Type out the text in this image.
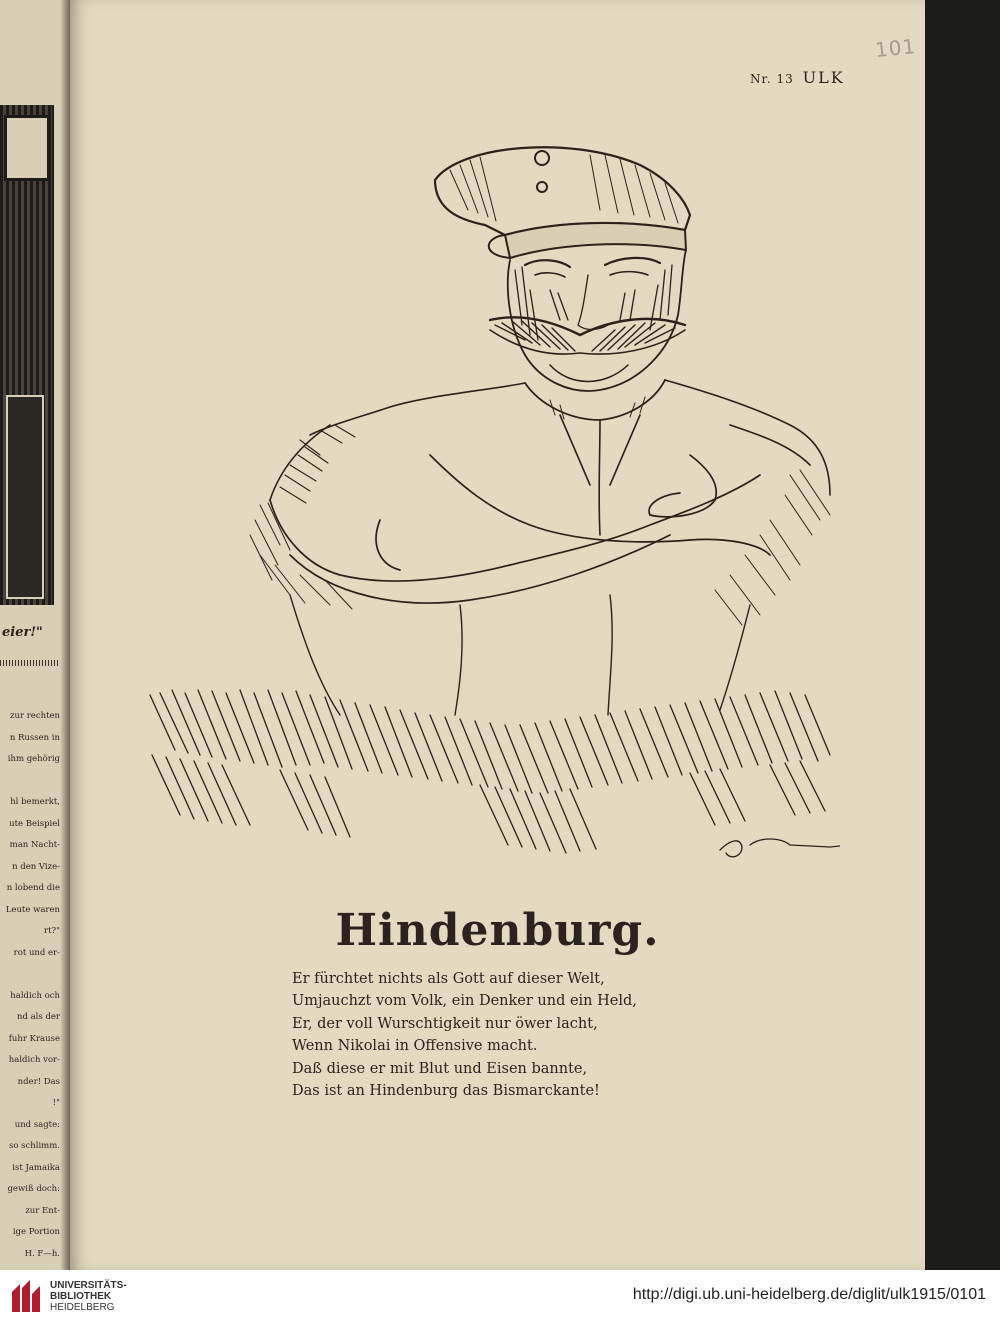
eier!"
zur rechten
n Russen in
ihm gehörig

hl bemerkt,
ute Beispiel
man Nacht-
n den Vize-
n lobend die
Leute waren
rt?"
rot und er-

haldich och
nd als der
fuhr Krause
haldich vor-
nder! Das
!"
und sagte:
so schlimm.
ist Jamaika
gewiß doch:
zur Ent-
ige Portion
H. F—h.
101
Nr. 13 ULK
Hindenburg.
Er fürchtet nichts als Gott auf dieser Welt,
Umjauchzt vom Volk, ein Denker und ein Held,
Er, der voll Wurschtigkeit nur öwer lacht,
Wenn Nikolai in Offensive macht.
Daß diese er mit Blut und Eisen bannte,
Das ist an Hindenburg das Bismarckante!
UNIVERSITÄTS-
BIBLIOTHEK
HEIDELBERG
http://digi.ub.uni-heidelberg.de/diglit/ulk1915/0101
